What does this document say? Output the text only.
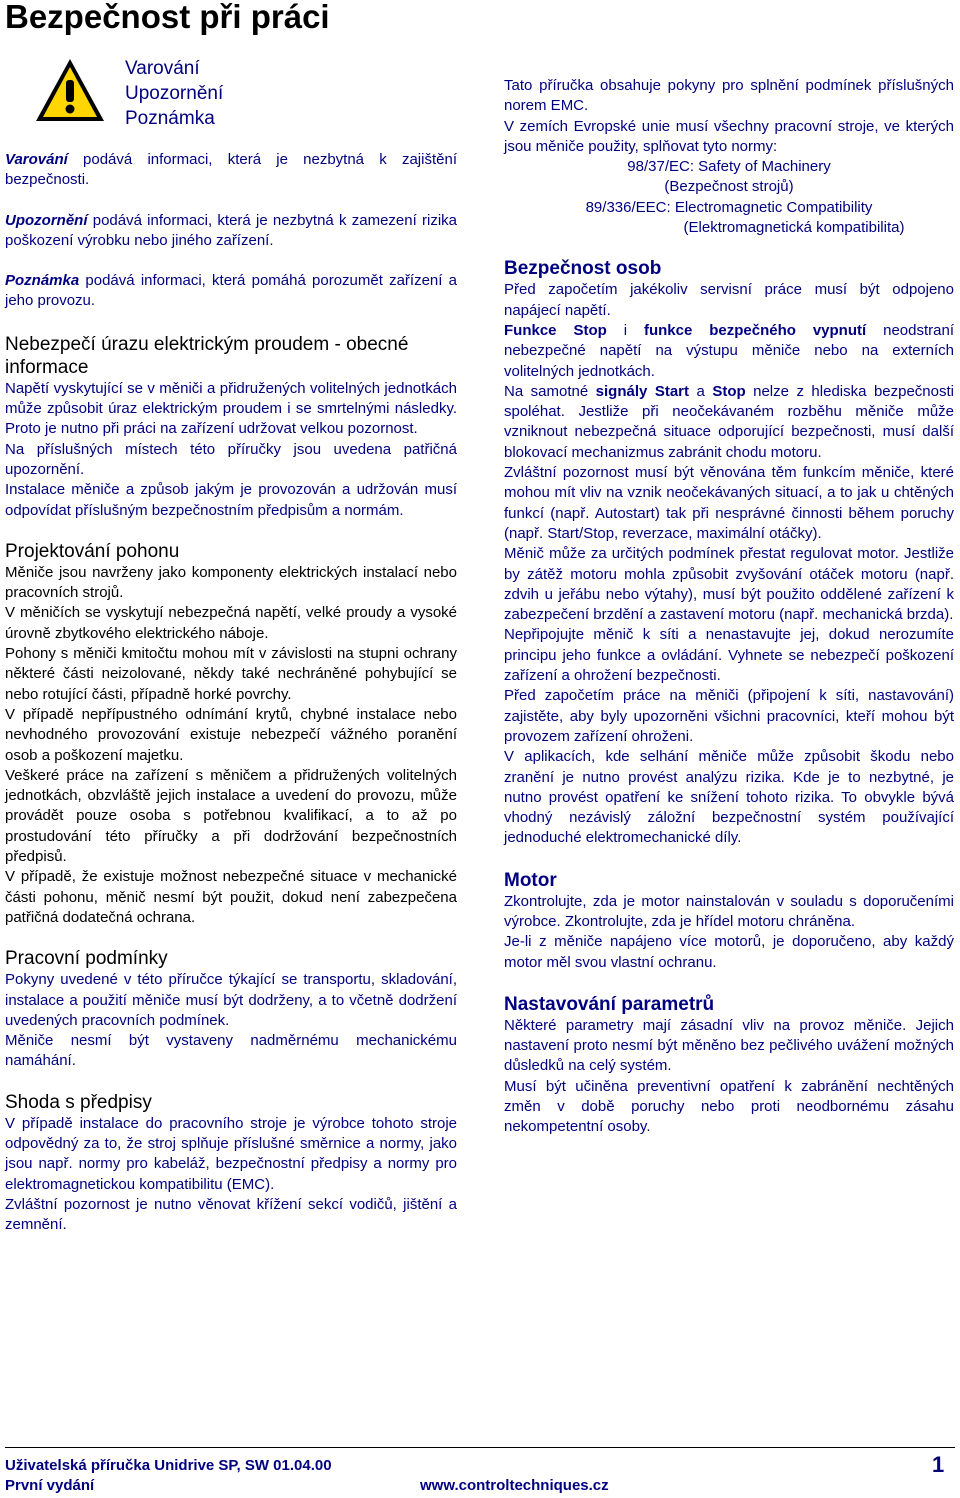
Bezpečnost při práci
Varování
Upozornění
Poznámka

Varování podává informaci, která je nezbytná k zajištění bezpečnosti.

Upozornění podává informaci, která je nezbytná k zamezení rizika poškození výrobku nebo jiného zařízení.

Poznámka podává informaci, která pomáhá porozumět zařízení a jeho provozu.

Nebezpečí úrazu elektrickým proudem - obecné informace

Napětí vyskytující se v měniči a přidružených volitelných jednotkách může způsobit úraz elektrickým proudem i se smrtelnými následky. Proto je nutno při práci na zařízení udržovat velkou pozornost.

Na příslušných místech této příručky jsou uvedena patřičná upozornění.

Instalace měniče a způsob jakým je provozován a udržován musí odpovídat příslušným bezpečnostním předpisům a normám.

Projektování pohonu

Měniče jsou navrženy jako komponenty elektrických instalací nebo pracovních strojů.

V měničích se vyskytují nebezpečná napětí, velké proudy a vysoké úrovně zbytkového elektrického náboje.

Pohony s měniči kmitočtu mohou mít v závislosti na stupni ochrany některé části neizolované, někdy také nechráněné pohybující se nebo rotující části, případně horké povrchy.

V případě nepřípustného odnímání krytů, chybné instalace nebo nevhodného provozování existuje nebezpečí vážného poranění osob a poškození majetku.

Veškeré práce na zařízení s měničem a přidružených volitelných jednotkách, obzvláště jejich instalace a uvedení do provozu, může provádět pouze osoba s potřebnou kvalifikací, a to až po prostudování této příručky a při dodržování bezpečnostních předpisů.

V případě, že existuje možnost nebezpečné situace v mechanické části pohonu, měnič nesmí být použit, dokud není zabezpečena patřičná dodatečná ochrana.

Pracovní podmínky

Pokyny uvedené v této příručce týkající se transportu, skladování, instalace a použití měniče musí být dodrženy, a to včetně dodržení uvedených pracovních podmínek.

Měniče nesmí být vystaveny nadměrnému mechanickému namáhání.

Shoda s předpisy

V případě instalace do pracovního stroje je výrobce tohoto stroje odpovědný za to, že stroj splňuje příslušné směrnice a normy, jako jsou např. normy pro kabeláž, bezpečnostní předpisy a normy pro elektromagnetickou kompatibilitu (EMC).

Zvláštní pozornost je nutno věnovat křížení sekcí vodičů, jištění a zemnění.

Tato příručka obsahuje pokyny pro splnění podmínek příslušných norem EMC.

V zemích Evropské unie musí všechny pracovní stroje, ve kterých jsou měniče použity, splňovat tyto normy:

98/37/EC: Safety of Machinery

(Bezpečnost strojů)

89/336/EEC: Electromagnetic Compatibility

(Elektromagnetická kompatibilita)

Bezpečnost osob

Před započetím jakékoliv servisní práce musí být odpojeno napájecí napětí.

Funkce Stop i funkce bezpečného vypnutí neodstraní nebezpečné napětí na výstupu měniče nebo na externích volitelných jednotkách.

Na samotné signály Start a Stop nelze z hlediska bezpečnosti spoléhat. Jestliže při neočekávaném rozběhu měniče může vzniknout nebezpečná situace odporující bezpečnosti, musí další blokovací mechanizmus zabránit chodu motoru.

Zvláštní pozornost musí být věnována těm funkcím měniče, které mohou mít vliv na vznik neočekávaných situací, a to jak u chtěných funkcí (např. Autostart) tak při nesprávné činnosti během poruchy (např. Start/Stop, reverzace, maximální otáčky).

Měnič může za určitých podmínek přestat regulovat motor. Jestliže by zátěž motoru mohla způsobit zvyšování otáček motoru (např. zdvih u jeřábu nebo výtahy), musí být použito oddělené zařízení k zabezpečení brzdění a zastavení motoru (např. mechanická brzda).

Nepřipojujte měnič k síti a nenastavujte jej, dokud nerozumíte principu jeho funkce a ovládání. Vyhnete se nebezpečí poškození zařízení a ohrožení bezpečnosti.

Před započetím práce na měniči (připojení k síti, nastavování) zajistěte, aby byly upozorněni všichni pracovníci, kteří mohou být provozem zařízení ohroženi.

V aplikacích, kde selhání měniče může způsobit škodu nebo zranění je nutno provést analýzu rizika. Kde je to nezbytné, je nutno provést opatření ke snížení tohoto rizika. To obvykle bývá vhodný nezávislý záložní bezpečnostní systém používající jednoduché elektromechanické díly.

Motor

Zkontrolujte, zda je motor nainstalován v souladu s doporučeními výrobce. Zkontrolujte, zda je hřídel motoru chráněna.

Je-li z měniče napájeno více motorů, je doporučeno, aby každý motor měl svou vlastní ochranu.

Nastavování parametrů

Některé parametry mají zásadní vliv na provoz měniče. Jejich nastavení proto nesmí být měněno bez pečlivého uvážení možných důsledků na celý systém.

Musí být učiněna preventivní opatření k zabránění nechtěných změn v době poruchy nebo proti neodbornému zásahu nekompetentní osoby.

Uživatelská příručka Unidrive SP, SW 01.04.00
První vydání	www.controltechniques.cz
1
